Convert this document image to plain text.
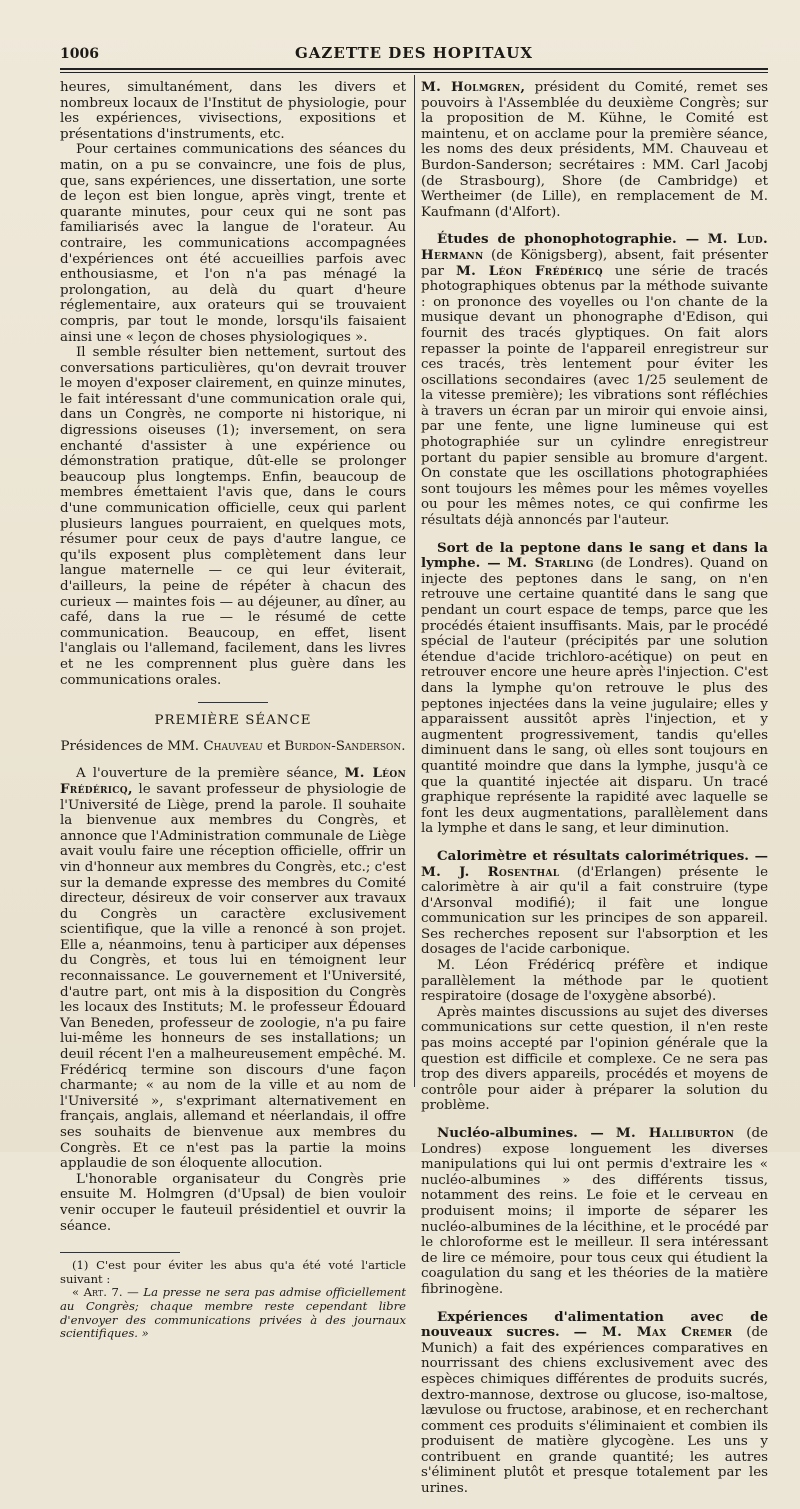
1006	GAZETTE DES HOPITAUX

heures, simultanément, dans les divers et nombreux locaux de l'Institut de physiologie, pour les expériences, vivisections, expositions et présentations d'instruments, etc.

Pour certaines communications des séances du matin, on a pu se convaincre, une fois de plus, que, sans expériences, une dissertation, une sorte de leçon est bien longue, après vingt, trente et quarante minutes, pour ceux qui ne sont pas familiarisés avec la langue de l'orateur. Au contraire, les communications accompagnées d'expériences ont été accueillies parfois avec enthousiasme, et l'on n'a pas ménagé la prolongation, au delà du quart d'heure réglementaire, aux orateurs qui se trouvaient compris, par tout le monde, lorsqu'ils faisaient ainsi une « leçon de choses physiologiques ».

Il semble résulter bien nettement, surtout des conversations particulières, qu'on devrait trouver le moyen d'exposer clairement, en quinze minutes, le fait intéressant d'une communication orale qui, dans un Congrès, ne comporte ni historique, ni digressions oiseuses (1); inversement, on sera enchanté d'assister à une expérience ou démonstration pratique, dût-elle se prolonger beaucoup plus longtemps. Enfin, beaucoup de membres émettaient l'avis que, dans le cours d'une communication officielle, ceux qui parlent plusieurs langues pourraient, en quelques mots, résumer pour ceux de pays d'autre langue, ce qu'ils exposent plus complètement dans leur langue maternelle — ce qui leur éviterait, d'ailleurs, la peine de répéter à chacun des curieux — maintes fois — au déjeuner, au dîner, au café, dans la rue — le résumé de cette communication. Beaucoup, en effet, lisent l'anglais ou l'allemand, facilement, dans les livres et ne les comprennent plus guère dans les communications orales.

PREMIÈRE SÉANCE
Présidences de MM. Chauveau et Burdon-Sanderson.

A l'ouverture de la première séance, M. Léon Frédéricq, le savant professeur de physiologie de l'Université de Liège, prend la parole. Il souhaite la bienvenue aux membres du Congrès, et annonce que l'Administration communale de Liège avait voulu faire une réception officielle, offrir un vin d'honneur aux membres du Congrès, etc.; c'est sur la demande expresse des membres du Comité directeur, désireux de voir conserver aux travaux du Congrès un caractère exclusivement scientifique, que la ville a renoncé à son projet. Elle a, néanmoins, tenu à participer aux dépenses du Congrès, et tous lui en témoignent leur reconnaissance. Le gouvernement et l'Université, d'autre part, ont mis à la disposition du Congrès les locaux des Instituts; M. le professeur Édouard Van Beneden, professeur de zoologie, n'a pu faire lui-même les honneurs de ses installations; un deuil récent l'en a malheureusement empêché. M. Frédéricq termine son discours d'une façon charmante; « au nom de la ville et au nom de l'Université », s'exprimant alternativement en français, anglais, allemand et néerlandais, il offre ses souhaits de bienvenue aux membres du Congrès. Et ce n'est pas la partie la moins applaudie de son éloquente allocution.

L'honorable organisateur du Congrès prie ensuite M. Holmgren (d'Upsal) de bien vouloir venir occuper le fauteuil présidentiel et ouvrir la séance.

(1) C'est pour éviter les abus qu'a été voté l'article suivant :

« Art. 7. — La presse ne sera pas admise officiellement au Congrès; chaque membre reste cependant libre d'envoyer des communications privées à des journaux scientifiques. »

M. Holmgren, président du Comité, remet ses pouvoirs à l'Assemblée du deuxième Congrès; sur la proposition de M. Kühne, le Comité est maintenu, et on acclame pour la première séance, les noms des deux présidents, MM. Chauveau et Burdon-Sanderson; secrétaires : MM. Carl Jacobj (de Strasbourg), Shore (de Cambridge) et Wertheimer (de Lille), en remplacement de M. Kaufmann (d'Alfort).

Études de phonophotographie. — M. Lud. Hermann (de Königsberg), absent, fait présenter par M. Léon Frédéricq une série de tracés photographiques obtenus par la méthode suivante : on prononce des voyelles ou l'on chante de la musique devant un phonographe d'Edison, qui fournit des tracés glyptiques. On fait alors repasser la pointe de l'appareil enregistreur sur ces tracés, très lentement pour éviter les oscillations secondaires (avec 1/25 seulement de la vitesse première); les vibrations sont réfléchies à travers un écran par un miroir qui envoie ainsi, par une fente, une ligne lumineuse qui est photographiée sur un cylindre enregistreur portant du papier sensible au bromure d'argent. On constate que les oscillations photographiées sont toujours les mêmes pour les mêmes voyelles ou pour les mêmes notes, ce qui confirme les résultats déjà annoncés par l'auteur.

Sort de la peptone dans le sang et dans la lymphe. — M. Starling (de Londres). Quand on injecte des peptones dans le sang, on n'en retrouve une certaine quantité dans le sang que pendant un court espace de temps, parce que les procédés étaient insuffisants. Mais, par le procédé spécial de l'auteur (précipités par une solution étendue d'acide trichloro-acétique) on peut en retrouver encore une heure après l'injection. C'est dans la lymphe qu'on retrouve le plus des peptones injectées dans la veine jugulaire; elles y apparaissent aussitôt après l'injection, et y augmentent progressivement, tandis qu'elles diminuent dans le sang, où elles sont toujours en quantité moindre que dans la lymphe, jusqu'à ce que la quantité injectée ait disparu. Un tracé graphique représente la rapidité avec laquelle se font les deux augmentations, parallèlement dans la lymphe et dans le sang, et leur diminution.

Calorimètre et résultats calorimétriques. — M. J. Rosenthal (d'Erlangen) présente le calorimètre à air qu'il a fait construire (type d'Arsonval modifié); il fait une longue communication sur les principes de son appareil. Ses recherches reposent sur l'absorption et les dosages de l'acide carbonique.

M. Léon Frédéricq préfère et indique parallèlement la méthode par le quotient respiratoire (dosage de l'oxygène absorbé).

Après maintes discussions au sujet des diverses communications sur cette question, il n'en reste pas moins accepté par l'opinion générale que la question est difficile et complexe. Ce ne sera pas trop des divers appareils, procédés et moyens de contrôle pour aider à préparer la solution du problème.

Nucléo-albumines. — M. Halliburton (de Londres) expose longuement les diverses manipulations qui lui ont permis d'extraire les « nucléo-albumines » des différents tissus, notamment des reins. Le foie et le cerveau en produisent moins; il importe de séparer les nucléo-albumines de la lécithine, et le procédé par le chloroforme est le meilleur. Il sera intéressant de lire ce mémoire, pour tous ceux qui étudient la coagulation du sang et les théories de la matière fibrinogène.

Expériences d'alimentation avec de nouveaux sucres. — M. Max Cremer (de Munich) a fait des expériences comparatives en nourrissant des chiens exclusivement avec des espèces chimiques différentes de produits sucrés, dextro-mannose, dextrose ou glucose, iso-maltose, lævulose ou fructose, arabinose, et en recherchant comment ces produits s'éliminaient et combien ils produisent de matière glycogène. Les uns y contribuent en grande quantité; les autres s'éliminent plutôt et presque totalement par les urines.
